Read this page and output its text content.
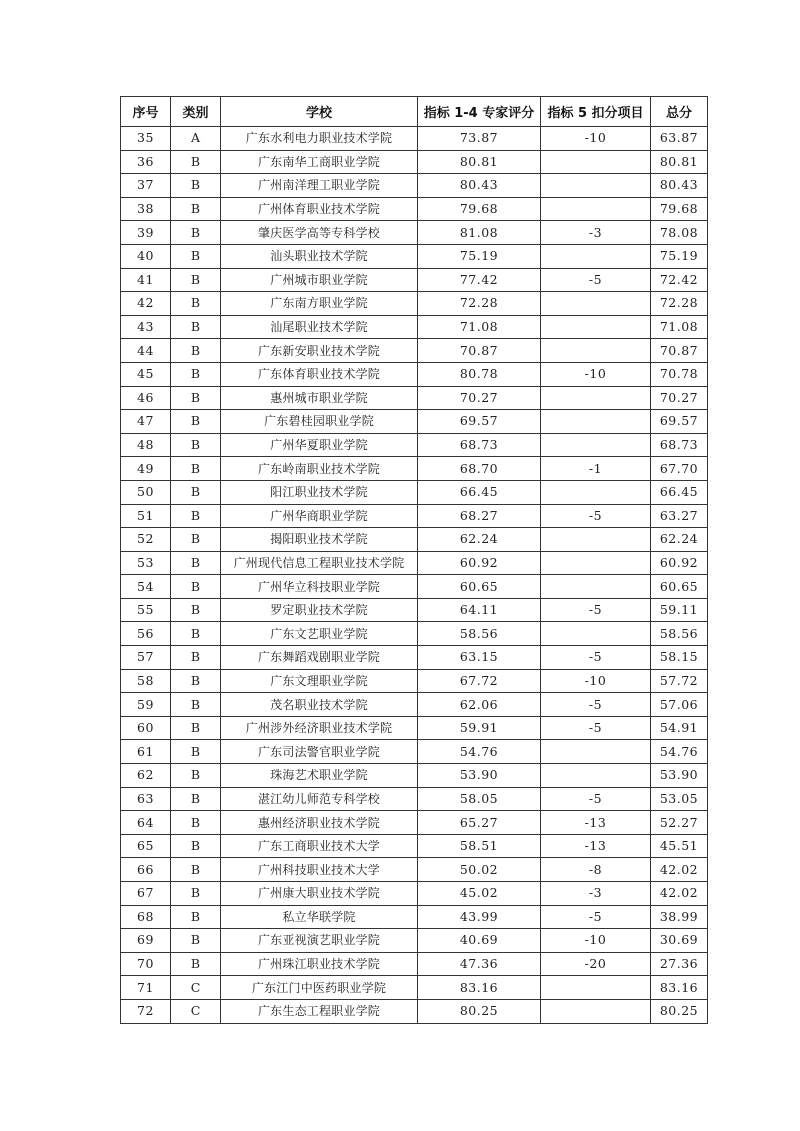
序号	类别	学校	指标 1-4 专家评分	指标 5 扣分项目	总分
35	A	广东水利电力职业技术学院	73.87	-10	63.87
36	B	广东南华工商职业学院	80.81		80.81
37	B	广州南洋理工职业学院	80.43		80.43
38	B	广州体育职业技术学院	79.68		79.68
39	B	肇庆医学高等专科学校	81.08	-3	78.08
40	B	汕头职业技术学院	75.19		75.19
41	B	广州城市职业学院	77.42	-5	72.42
42	B	广东南方职业学院	72.28		72.28
43	B	汕尾职业技术学院	71.08		71.08
44	B	广东新安职业技术学院	70.87		70.87
45	B	广东体育职业技术学院	80.78	-10	70.78
46	B	惠州城市职业学院	70.27		70.27
47	B	广东碧桂园职业学院	69.57		69.57
48	B	广州华夏职业学院	68.73		68.73
49	B	广东岭南职业技术学院	68.70	-1	67.70
50	B	阳江职业技术学院	66.45		66.45
51	B	广州华商职业学院	68.27	-5	63.27
52	B	揭阳职业技术学院	62.24		62.24
53	B	广州现代信息工程职业技术学院	60.92		60.92
54	B	广州华立科技职业学院	60.65		60.65
55	B	罗定职业技术学院	64.11	-5	59.11
56	B	广东文艺职业学院	58.56		58.56
57	B	广东舞蹈戏剧职业学院	63.15	-5	58.15
58	B	广东文理职业学院	67.72	-10	57.72
59	B	茂名职业技术学院	62.06	-5	57.06
60	B	广州涉外经济职业技术学院	59.91	-5	54.91
61	B	广东司法警官职业学院	54.76		54.76
62	B	珠海艺术职业学院	53.90		53.90
63	B	湛江幼儿师范专科学校	58.05	-5	53.05
64	B	惠州经济职业技术学院	65.27	-13	52.27
65	B	广东工商职业技术大学	58.51	-13	45.51
66	B	广州科技职业技术大学	50.02	-8	42.02
67	B	广州康大职业技术学院	45.02	-3	42.02
68	B	私立华联学院	43.99	-5	38.99
69	B	广东亚视演艺职业学院	40.69	-10	30.69
70	B	广州珠江职业技术学院	47.36	-20	27.36
71	C	广东江门中医药职业学院	83.16		83.16
72	C	广东生态工程职业学院	80.25		80.25
